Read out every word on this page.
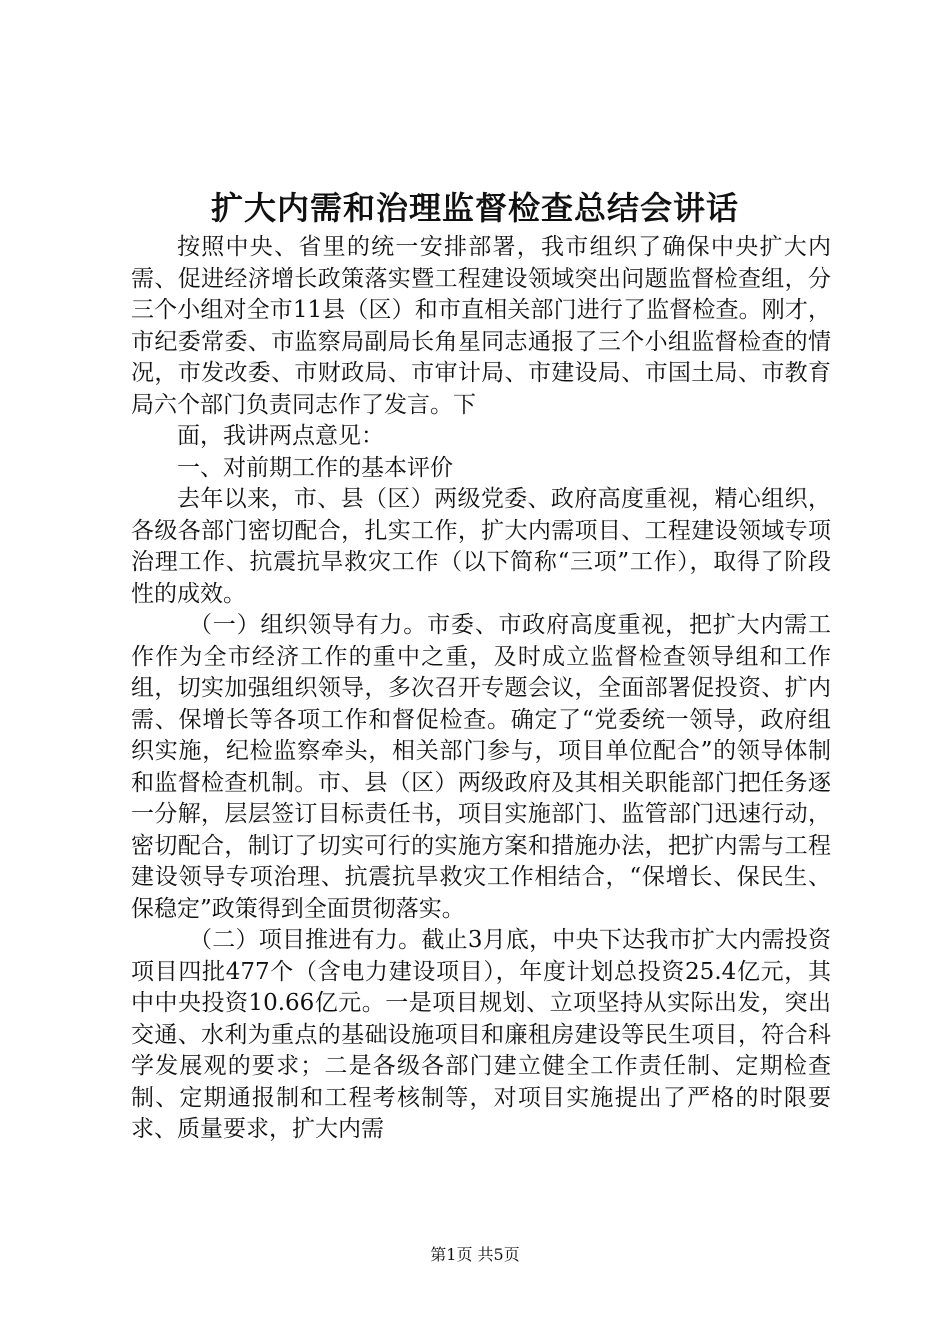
扩大内需和治理监督检查总结会讲话

按照中央、省里的统一安排部署，我市组织了确保中央扩大内需、促进经济增长政策落实暨工程建设领域突出问题监督检查组，分三个小组对全市11县（区）和市直相关部门进行了监督检查。刚才，市纪委常委、市监察局副局长角星同志通报了三个小组监督检查的情况，市发改委、市财政局、市审计局、市建设局、市国土局、市教育局六个部门负责同志作了发言。下

面，我讲两点意见：

一、对前期工作的基本评价

去年以来，市、县（区）两级党委、政府高度重视，精心组织，各级各部门密切配合，扎实工作，扩大内需项目、工程建设领域专项治理工作、抗震抗旱救灾工作（以下简称“三项”工作），取得了阶段性的成效。

（一）组织领导有力。市委、市政府高度重视，把扩大内需工作作为全市经济工作的重中之重，及时成立监督检查领导组和工作组，切实加强组织领导，多次召开专题会议，全面部署促投资、扩内需、保增长等各项工作和督促检查。确定了“党委统一领导，政府组织实施，纪检监察牵头，相关部门参与，项目单位配合”的领导体制和监督检查机制。市、县（区）两级政府及其相关职能部门把任务逐一分解，层层签订目标责任书，项目实施部门、监管部门迅速行动，密切配合，制订了切实可行的实施方案和措施办法，把扩内需与工程建设领导专项治理、抗震抗旱救灾工作相结合，“保增长、保民生、保稳定”政策得到全面贯彻落实。

（二）项目推进有力。截止3月底，中央下达我市扩大内需投资项目四批477个（含电力建设项目），年度计划总投资25.4亿元，其中中央投资10.66亿元。一是项目规划、立项坚持从实际出发，突出交通、水利为重点的基础设施项目和廉租房建设等民生项目，符合科学发展观的要求；二是各级各部门建立健全工作责任制、定期检查制、定期通报制和工程考核制等，对项目实施提出了严格的时限要求、质量要求，扩大内需

第1页 共5页
